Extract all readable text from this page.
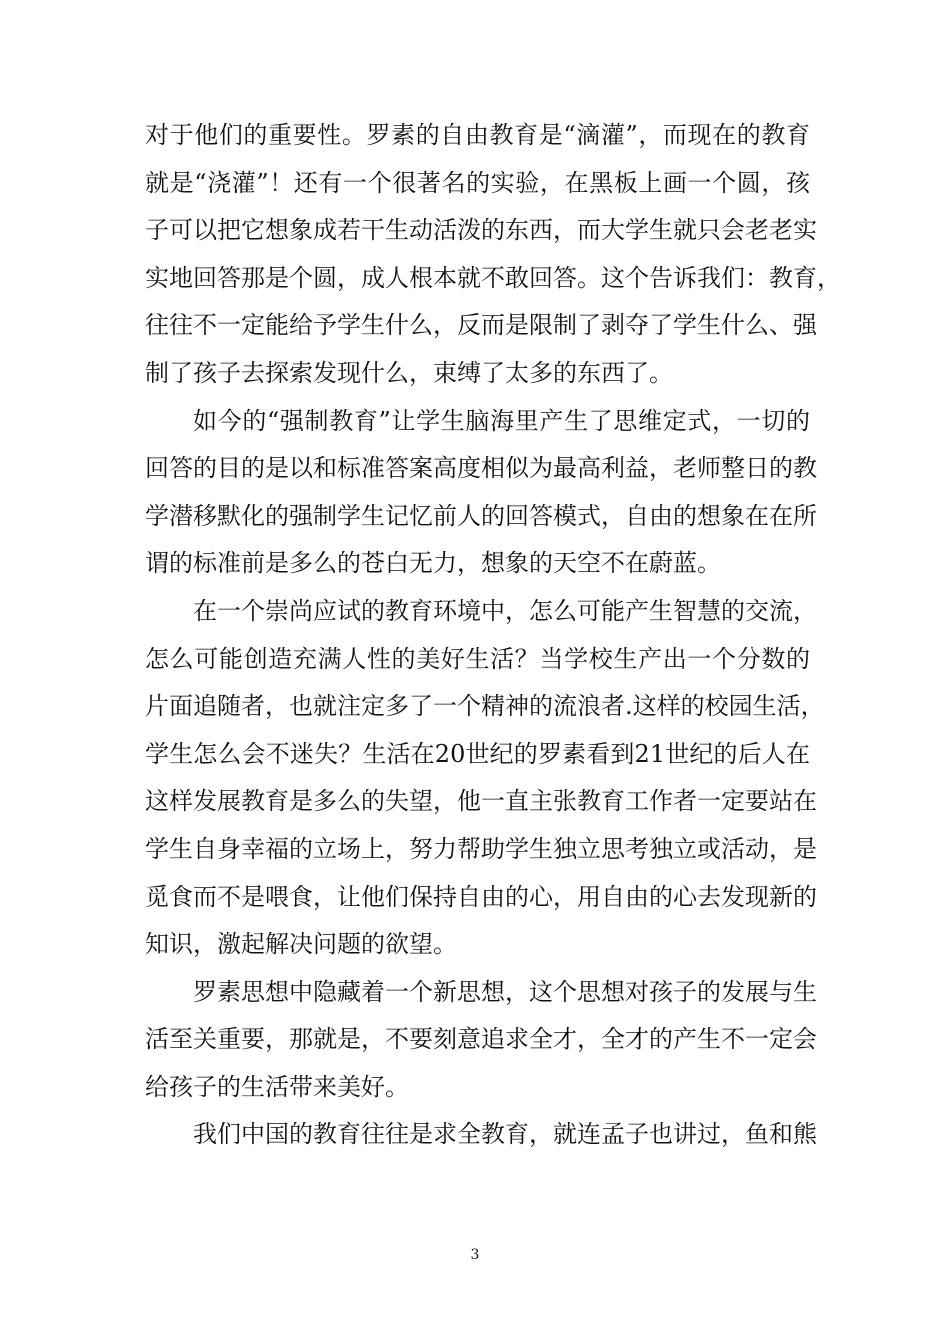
对于他们的重要性。罗素的自由教育是“滴灌”，而现在的教育
就是“浇灌”！还有一个很著名的实验，在黑板上画一个圆，孩
子可以把它想象成若干生动活泼的东西，而大学生就只会老老实
实地回答那是个圆，成人根本就不敢回答。这个告诉我们：教育，
往往不一定能给予学生什么，反而是限制了剥夺了学生什么、强
制了孩子去探索发现什么，束缚了太多的东西了。
如今的“强制教育”让学生脑海里产生了思维定式，一切的
回答的目的是以和标准答案高度相似为最高利益，老师整日的教
学潜移默化的强制学生记忆前人的回答模式，自由的想象在在所
谓的标准前是多么的苍白无力，想象的天空不在蔚蓝。
在一个崇尚应试的教育环境中，怎么可能产生智慧的交流，
怎么可能创造充满人性的美好生活？当学校生产出一个分数的
片面追随者，也就注定多了一个精神的流浪者.这样的校园生活，
学生怎么会不迷失？生活在20世纪的罗素看到21世纪的后人在
这样发展教育是多么的失望，他一直主张教育工作者一定要站在
学生自身幸福的立场上，努力帮助学生独立思考独立或活动，是
觅食而不是喂食，让他们保持自由的心，用自由的心去发现新的
知识，激起解决问题的欲望。
罗素思想中隐藏着一个新思想，这个思想对孩子的发展与生
活至关重要，那就是，不要刻意追求全才，全才的产生不一定会
给孩子的生活带来美好。
我们中国的教育往往是求全教育，就连孟子也讲过，鱼和熊
3
